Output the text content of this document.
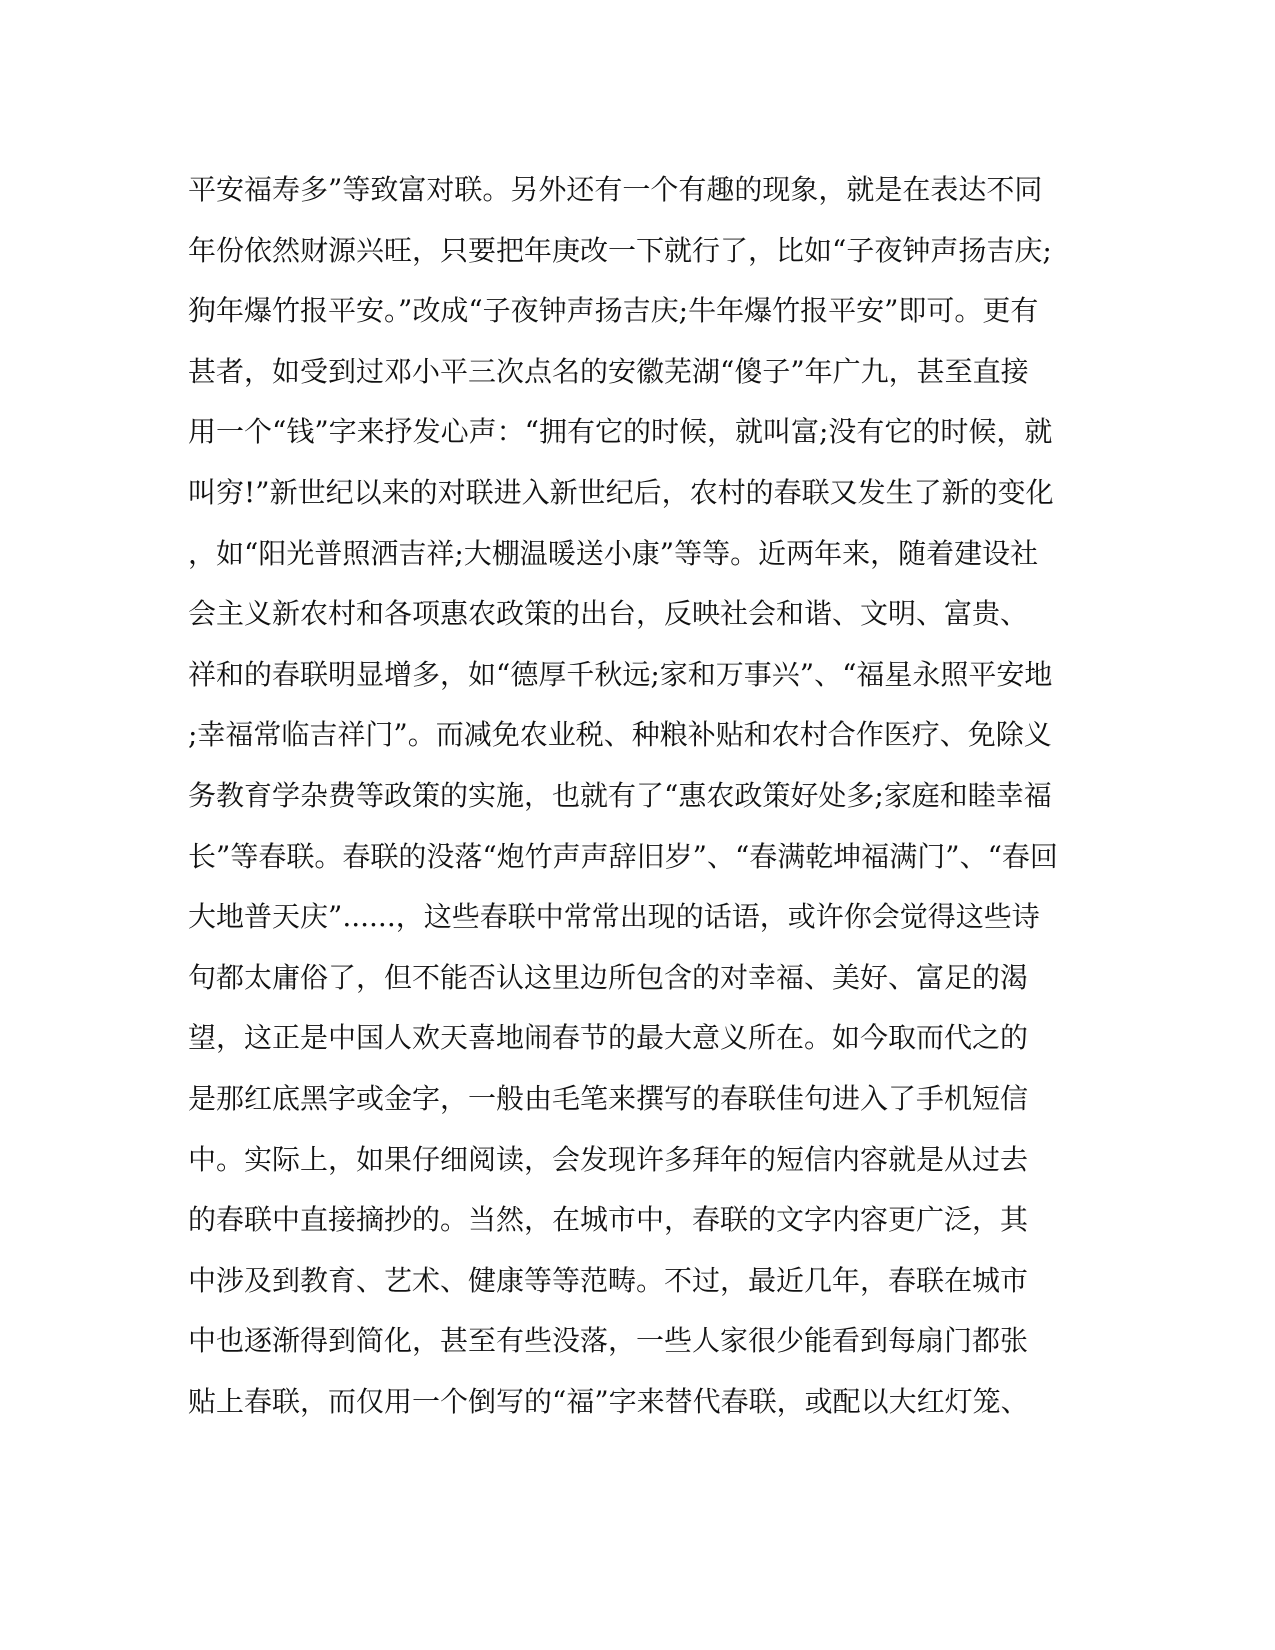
平安福寿多”等致富对联。另外还有一个有趣的现象，就是在表达不同
年份依然财源兴旺，只要把年庚改一下就行了，比如“子夜钟声扬吉庆;
狗年爆竹报平安。”改成“子夜钟声扬吉庆;牛年爆竹报平安”即可。更有
甚者，如受到过邓小平三次点名的安徽芜湖“傻子”年广九，甚至直接
用一个“钱”字来抒发心声：“拥有它的时候，就叫富;没有它的时候，就
叫穷!”新世纪以来的对联进入新世纪后，农村的春联又发生了新的变化
，如“阳光普照洒吉祥;大棚温暖送小康”等等。近两年来，随着建设社
会主义新农村和各项惠农政策的出台，反映社会和谐、文明、富贵、
祥和的春联明显增多，如“德厚千秋远;家和万事兴”、“福星永照平安地
;幸福常临吉祥门”。而减免农业税、种粮补贴和农村合作医疗、免除义
务教育学杂费等政策的实施，也就有了“惠农政策好处多;家庭和睦幸福
长”等春联。春联的没落“炮竹声声辞旧岁”、“春满乾坤福满门”、“春回
大地普天庆”......，这些春联中常常出现的话语，或许你会觉得这些诗
句都太庸俗了，但不能否认这里边所包含的对幸福、美好、富足的渴
望，这正是中国人欢天喜地闹春节的最大意义所在。如今取而代之的
是那红底黑字或金字，一般由毛笔来撰写的春联佳句进入了手机短信
中。实际上，如果仔细阅读，会发现许多拜年的短信内容就是从过去
的春联中直接摘抄的。当然，在城市中，春联的文字内容更广泛，其
中涉及到教育、艺术、健康等等范畴。不过，最近几年，春联在城市
中也逐渐得到简化，甚至有些没落，一些人家很少能看到每扇门都张
贴上春联，而仅用一个倒写的“福”字来替代春联，或配以大红灯笼、
